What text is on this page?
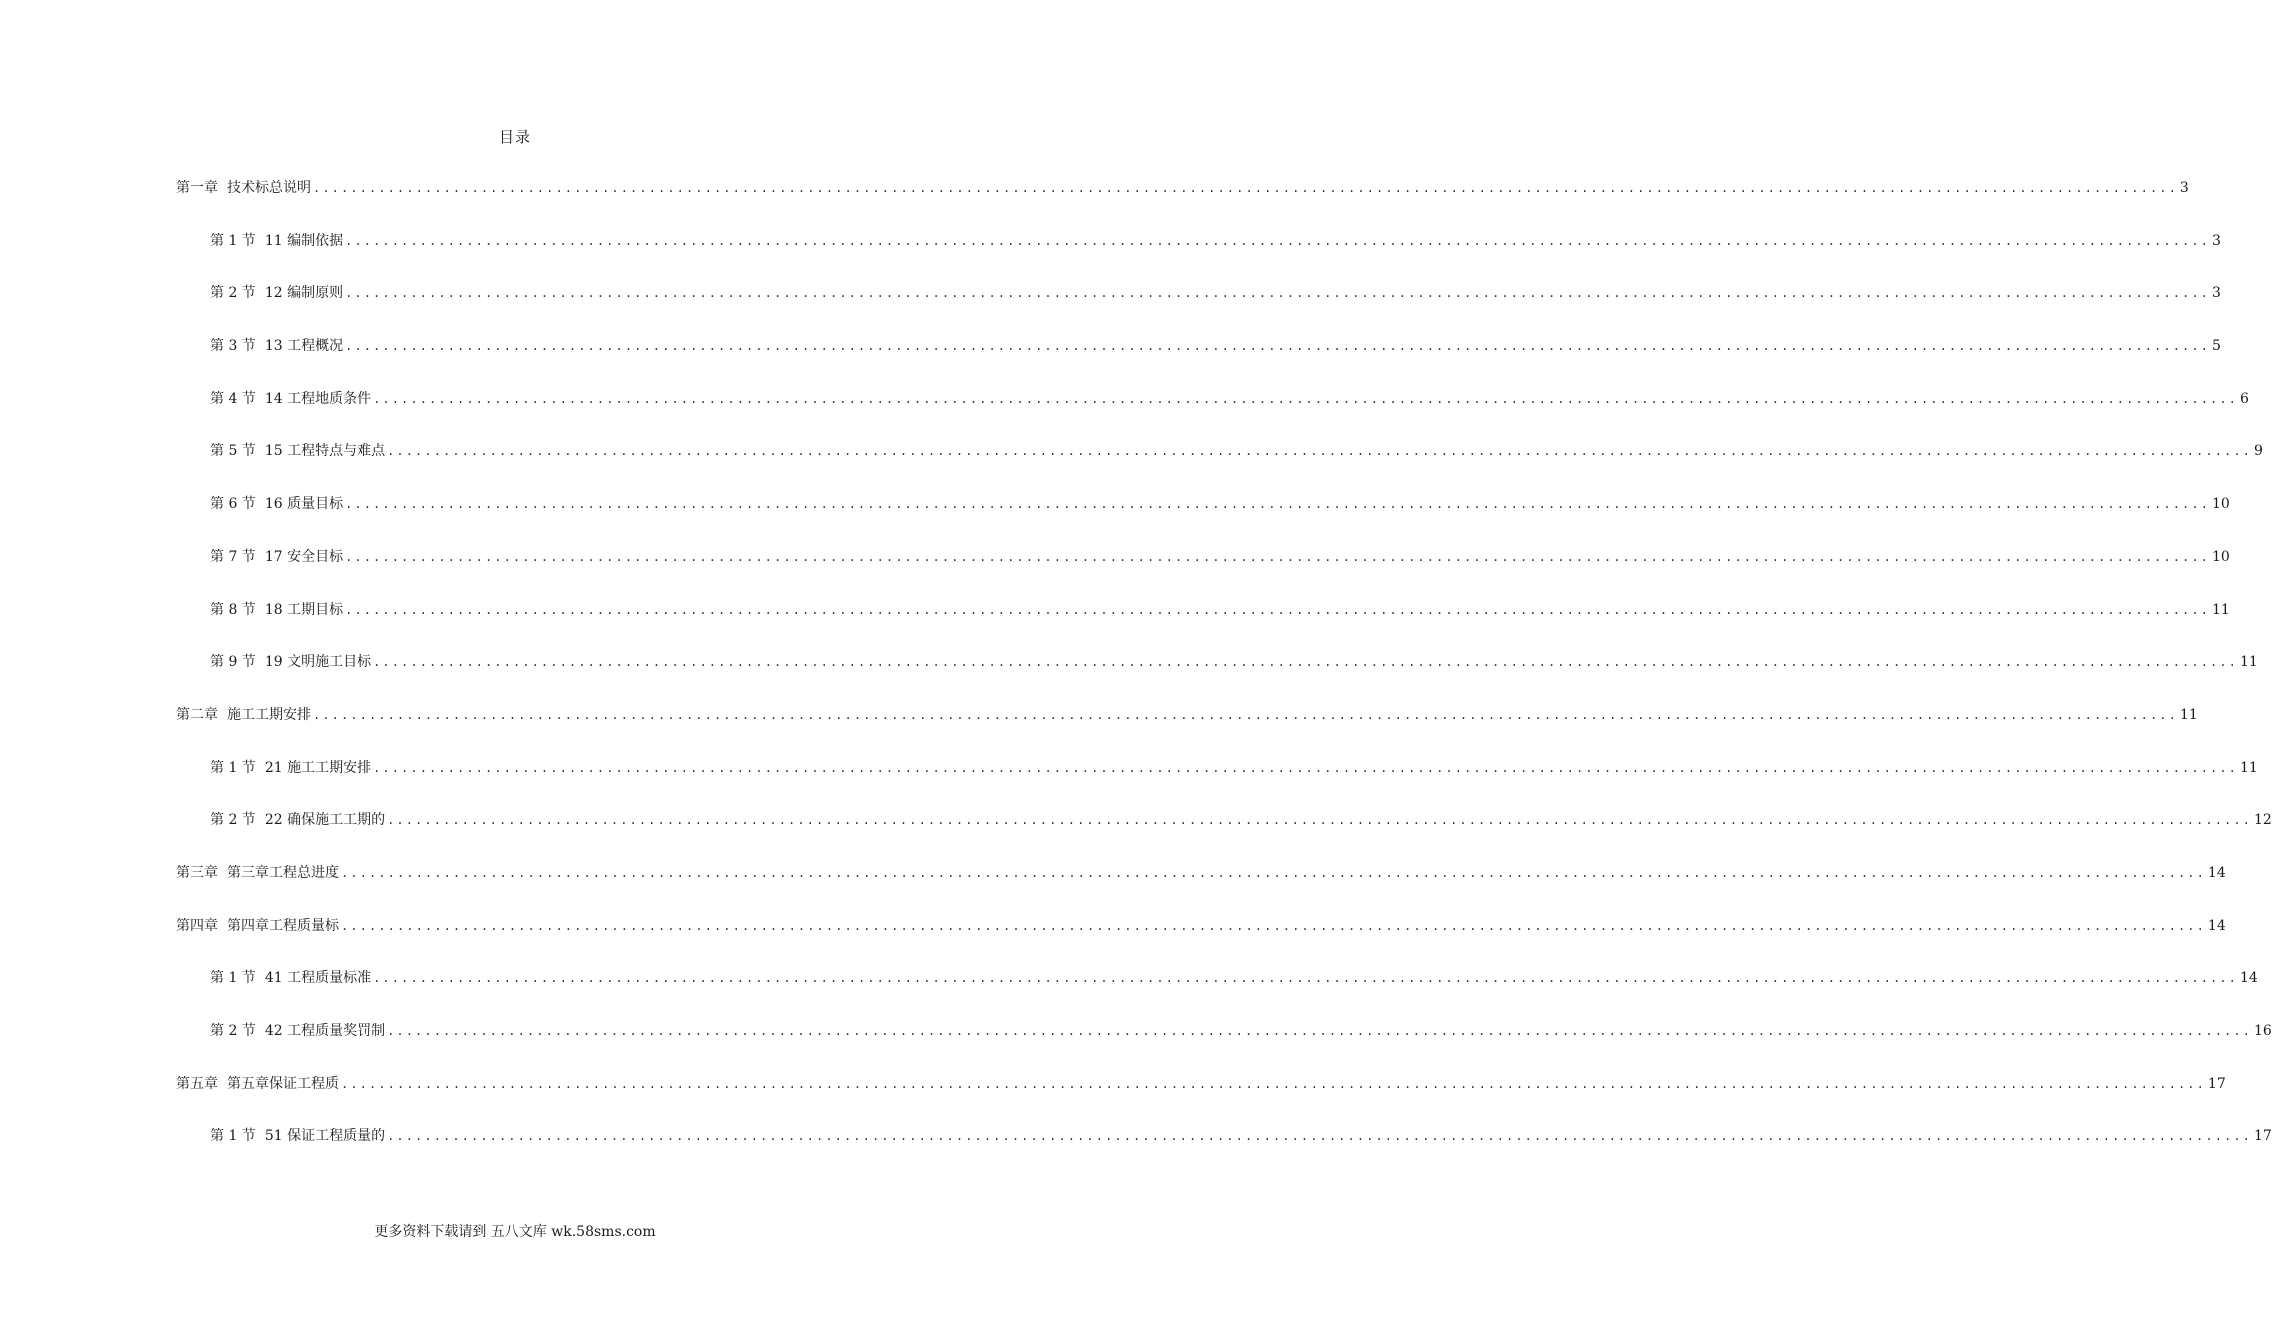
目录
第一章 技术标总说明 ........................................................................................................................................................................................................ 3
第 1 节 11 编制依据 ........................................................................................................................................................................................................ 3
第 2 节 12 编制原则 ........................................................................................................................................................................................................ 3
第 3 节 13 工程概况 ........................................................................................................................................................................................................ 5
第 4 节 14 工程地质条件 ........................................................................................................................................................................................................ 6
第 5 节 15 工程特点与难点 ........................................................................................................................................................................................................ 9
第 6 节 16 质量目标 ........................................................................................................................................................................................................ 10
第 7 节 17 安全目标 ........................................................................................................................................................................................................ 10
第 8 节 18 工期目标 ........................................................................................................................................................................................................ 11
第 9 节 19 文明施工目标 ........................................................................................................................................................................................................ 11
第二章 施工工期安排 ........................................................................................................................................................................................................ 11
第 1 节 21 施工工期安排 ........................................................................................................................................................................................................ 11
第 2 节 22 确保施工工期的 ........................................................................................................................................................................................................ 12
第三章 第三章工程总进度 ........................................................................................................................................................................................................ 14
第四章 第四章工程质量标 ........................................................................................................................................................................................................ 14
第 1 节 41 工程质量标准 ........................................................................................................................................................................................................ 14
第 2 节 42 工程质量奖罚制 ........................................................................................................................................................................................................ 16
第五章 第五章保证工程质 ........................................................................................................................................................................................................ 17
第 1 节 51 保证工程质量的 ........................................................................................................................................................................................................ 17
更多资料下载请到 五八文库 wk.58sms.com
